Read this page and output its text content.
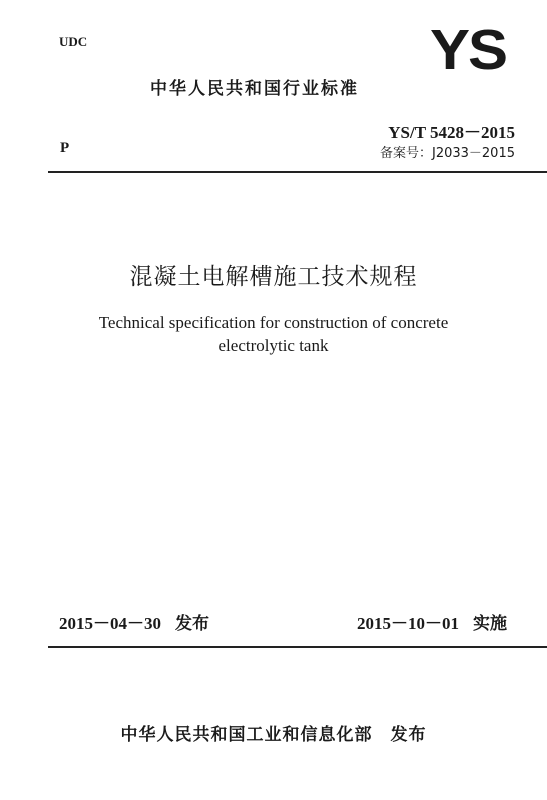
UDC	YS
中华人民共和国行业标准
P
YS/T 5428－2015
备案号：J2033－2015
混凝土电解槽施工技术规程
Technical specification for construction of concrete
electrolytic tank
2015－04－30 发布	2015－10－01 实施
中华人民共和国工业和信息化部 发布
